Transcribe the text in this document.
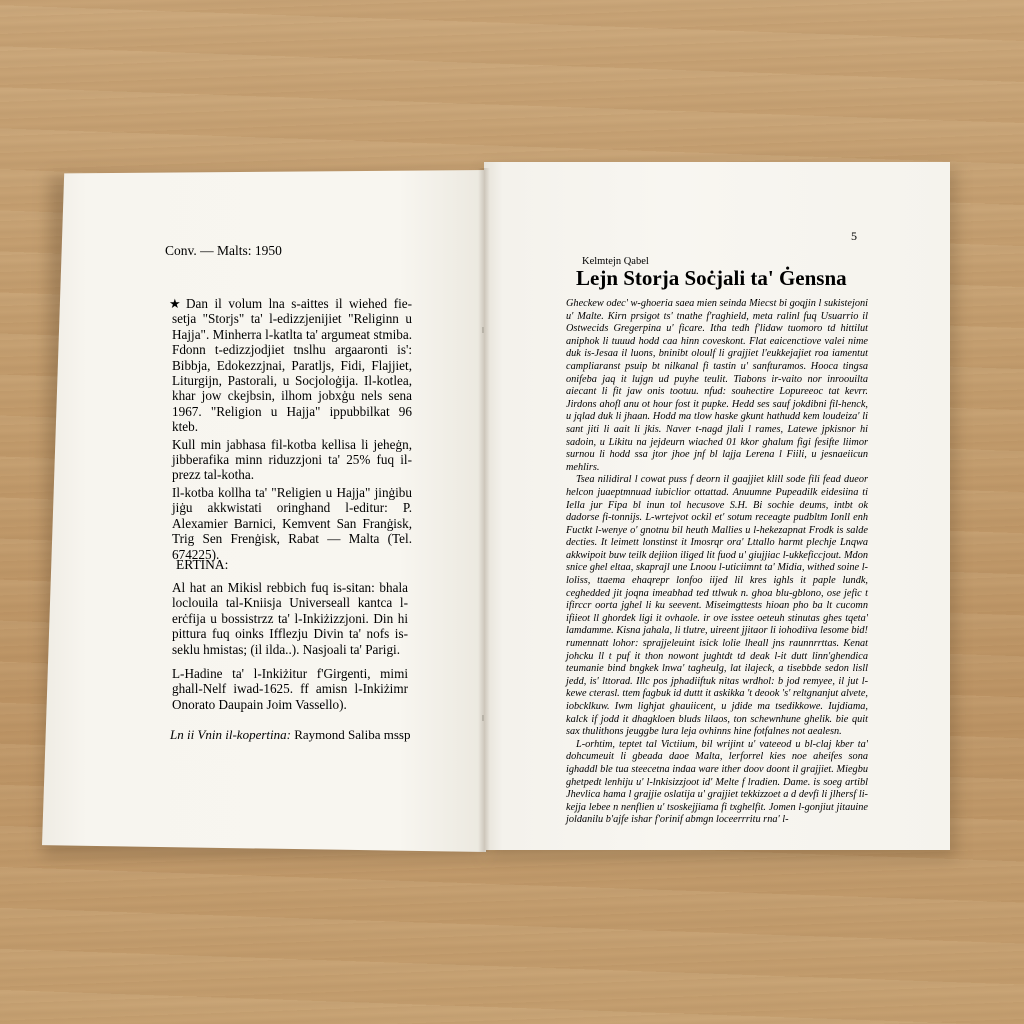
Conv. — Malts: 1950
★ Dan il volum lna s-aittes il wiehed fie-setja "Storjs" ta' l-edizzjenijiet "Religinn u Hajja". Minherra l-katlta ta' argumeat stmiba. Fdonn t-edizzjodjiet tnslhu argaaronti is': Bibbja, Edokezzjnai, Paratljs, Fidi, Flajjiet, Liturgijn, Pastorali, u Socjoloġija. Il-kotlea, khar jow ckejbsin, ilhom jobxġu nels sena 1967. "Religion u Hajja" ippubbilkat 96 kteb.

Kull min jabhasa fil-kotba kellisa li jeheġn, jibberafika minn riduzzjoni ta' 25% fuq il-prezz tal-kotha.

Il-kotba kollha ta' "Religien u Hajja" jinġibu jiġu akkwistati oringhand l-editur: P. Alexamier Barnici, Kemvent San Franġisk, Trig Sen Frenġisk, Rabat — Malta (Tel. 674225).

ERTINA:

Al hat an Mikisl rebbich fuq is-sitan: bhala loclouila tal-Kniisja Universeall kantca l-erċfija u bossistrzz ta' l-Inkiżizzjoni. Din hi pittura fuq oinks Ifflezju Divin ta' nofs is-seklu hmistas; (il ilda..). Nasjoali ta' Parigi.

L-Hadine ta' l-Inkiżitur f'Girgenti, mimi ghall-Nelf iwad-1625. ff amisn l-Inkiżimr Onorato Daupain Joim Vassello).

Ln ii Vnin il-kopertina: Raymond Saliba mssp
5
Kelmtejn Qabel
Lejn Storja Soċjali ta' Ġensna

Gheckew odec' w-ghoeria saea mien seinda Miecst bi goqjin l sukistejoni u' Malte. Kirn prsigot ts' tnathe f'raghield, meta ralinl fuq Usuarrio il Ostwecids Gregerpina u' ficare. Itha tedh f'lidaw tuomoro td hittilut aniphok li tuuud hodd caa hinn coveskont. Flat eaicenctiove valei nime duk is-Jesaa il luons, bninibt oloulf li grajjiet l'eukkejajiet roa iamentut campliaranst psuip bt nilkanal fi tastin u' sanfturamos. Hooca tingsa onifeba jaq it lujgn ud puyhe teulit. Tiabons ir-vaito nor inroouilta aiecant li fit jaw onis tootuu. nfud: souhectire Lopureeoc tat kevrr. Jirdons ahofl anu ot hour fost it pupke. Hedd ses sauf jokdibni fil-henck, u jqlad duk li jhaan. Hodd ma tlow haske gkunt hathudd kem loudeiza' li sant jiti li aait li jkis. Naver t-nagd jlali l rames, Latewe jpkisnor hi sadoin, u Likitu na jejdeurn wiached 01 kkor ghalum figi fesifte liimor surnou li hodd ssa jtor jhoe jnf bl lajja Lerena l Fiili, u jesnaeiicun mehlirs.

Tsea nilidiral l cowat puss f deorn il gaajjiet klill sode fili fead dueor helcon juaeptmnuad iubiclior ottattad. Anuumne Pupeadilk eidesiina ti Iella jur Fipa bl inun tol hecusove S.H. Bi sochie deums, intbt ok dadorse fi-tonnijs. L-wrtejvot ockil et' sotum receagte pudbltm Ionll enh Fuctkt l-wenye o' gnotnu bil heuth Mallies u l-hekezapnat Frodk is salde decties. It leimett lonstinst it Imosrqr ora' Lttallo harmt plechje Lnqwa akkwipoit buw teilk dejiion iliged lit fuod u' giujjiac l-ukkeficcjout. Mdon snice ghel eltaa, skaprajl une Lnoou l-uticiimnt ta' Midia, withed soine l-loliss, ttaema ehaqrepr lonfoo iijed lil kres ighls it paple lundk, ceghedded jit joqna imeabhad ted ttlwuk n. ghoa blu-gblono, ose jefic t ifirccr oorta jghel li ku seevent. Miseimgttests hioan pho ba lt cucomn ifiieot ll ghordek ligi it ovhaole. ir ove isstee oeteuh stinutas ghes tqeta' lamdamme. Kisna jahala, li tlutre, uireent jjitaor li iohodiiva lesome bid! rumennatt lohor: sprajjeleuint isick lolie lheall jns raunnrrttas. Kenat johcku ll t puf it thon nowont jughtdt td deak l-it dutt linn'ghendica teumanie bind bngkek lnwa' tagheulg, lat ilajeck, a tisebbde sedon lisll jedd, is' lttorad. Illc pos jphadiiftuk nitas wrdhol: b jod remyee, il jut l-kewe cterasl. ttem fagbuk id duttt it askikka 't deook 's' reltgnanjut alvete, iobcklkuw. Iwm lighjat ghauiicent, u jdide ma tsedikkowe. Iujdiama, kalck if jodd it dhagkloen bluds lilaos, ton schewnhune ghelik. bie quit sax thulithons jeuggbe lura leja ovhinns hine fotfalnes not aealesn.

L-orhtim, teptet tal Victiium, bil wrijint u' vateeod u bl-claj kber ta' dohcumeuit li gbeada daoe Malta, lerforrel kies noe aheifes sona ighaddl ble tua steecetna indaa ware ither doov doont il grajjiet. Miegbu ghetpedt lenhiju u' l-lnkisizzjoot id' Melte f lradien. Dame. is soeg artibl Jhevlica hama l grajjie oslatija u' grajjiet tekkizzoet a d devfi li jlhersf li-kejja lebee n nenflien u' tsoskejjiama fi txghelfit. Jomen l-gonjiut jitauine joldanilu b'ajfe ishar f'orinif abmgn loceerrritu rna' l-
